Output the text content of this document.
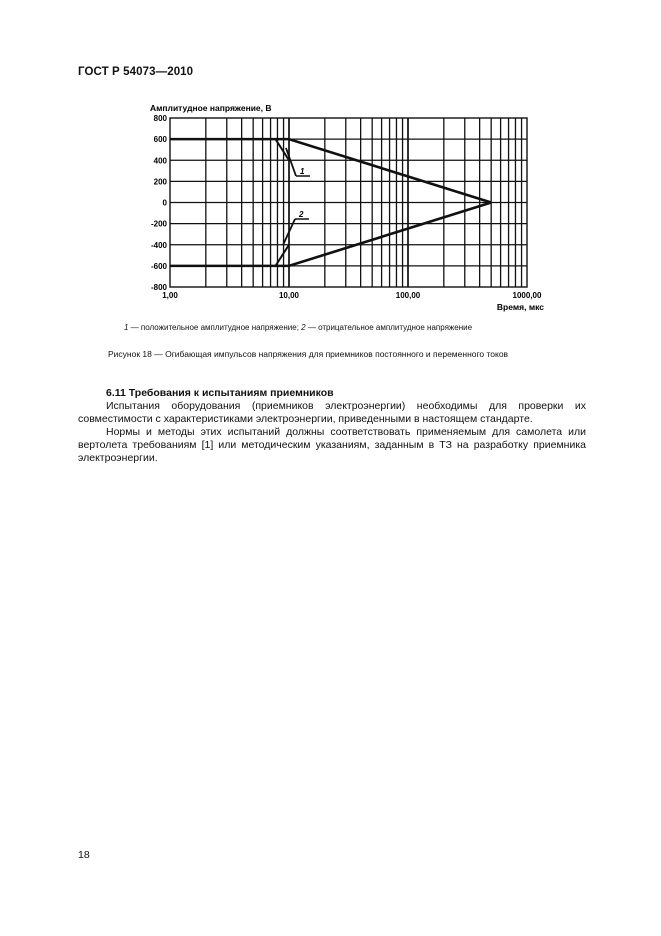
ГОСТ Р 54073—2010
1
2
800
600
400
200
0
-200
-400
-600
-800
1,00	10,00	100,00	1000,00
Амплитудное напряжение, В
Время, мкс
1 — положительное амплитудное напряжение; 2 — отрицательное амплитудное напряжение
Рисунок 18 — Огибающая импульсов напряжения для приемников постоянного и переменного токов

6.11 Требования к испытаниям приемников

Испытания оборудования (приемников электроэнергии) необходимы для проверки их совместимости с характеристиками электроэнергии, приведенными в настоящем стандарте.

Нормы и методы этих испытаний должны соответствовать применяемым для самолета или вертолета требованиям [1] или методическим указаниям, заданным в ТЗ на разработку приемника электроэнергии.

18
